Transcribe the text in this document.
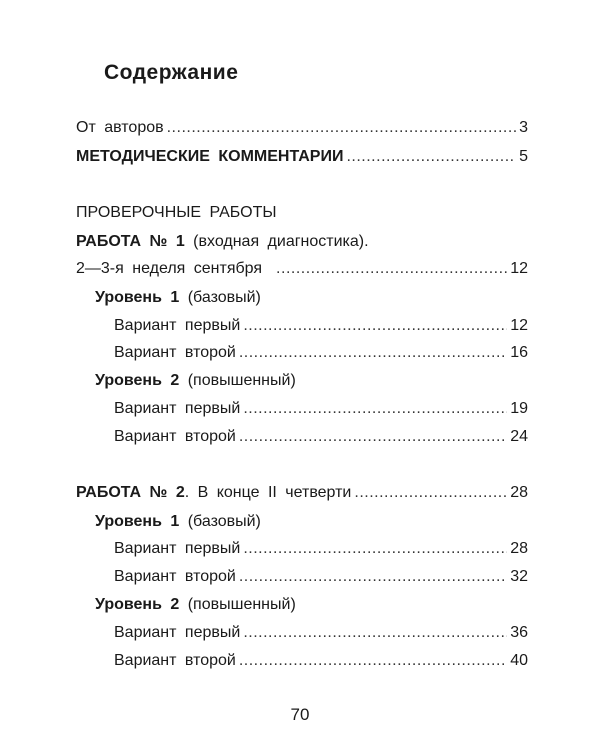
Содержание
От авторов .....	3
МЕТОДИЧЕСКИЕ КОММЕНТАРИИ .....	5
ПРОВЕРОЧНЫЕ РАБОТЫ
РАБОТА № 1 (входная диагностика).
2—3-я неделя сентября .....	12
Уровень 1 (базовый)
Вариант первый .....	12
Вариант второй .....	16
Уровень 2 (повышенный)
Вариант первый .....	19
Вариант второй .....	24
РАБОТА № 2. В конце II четверти .....	28
Уровень 1 (базовый)
Вариант первый .....	28
Вариант второй .....	32
Уровень 2 (повышенный)
Вариант первый .....	36
Вариант второй .....	40
70
